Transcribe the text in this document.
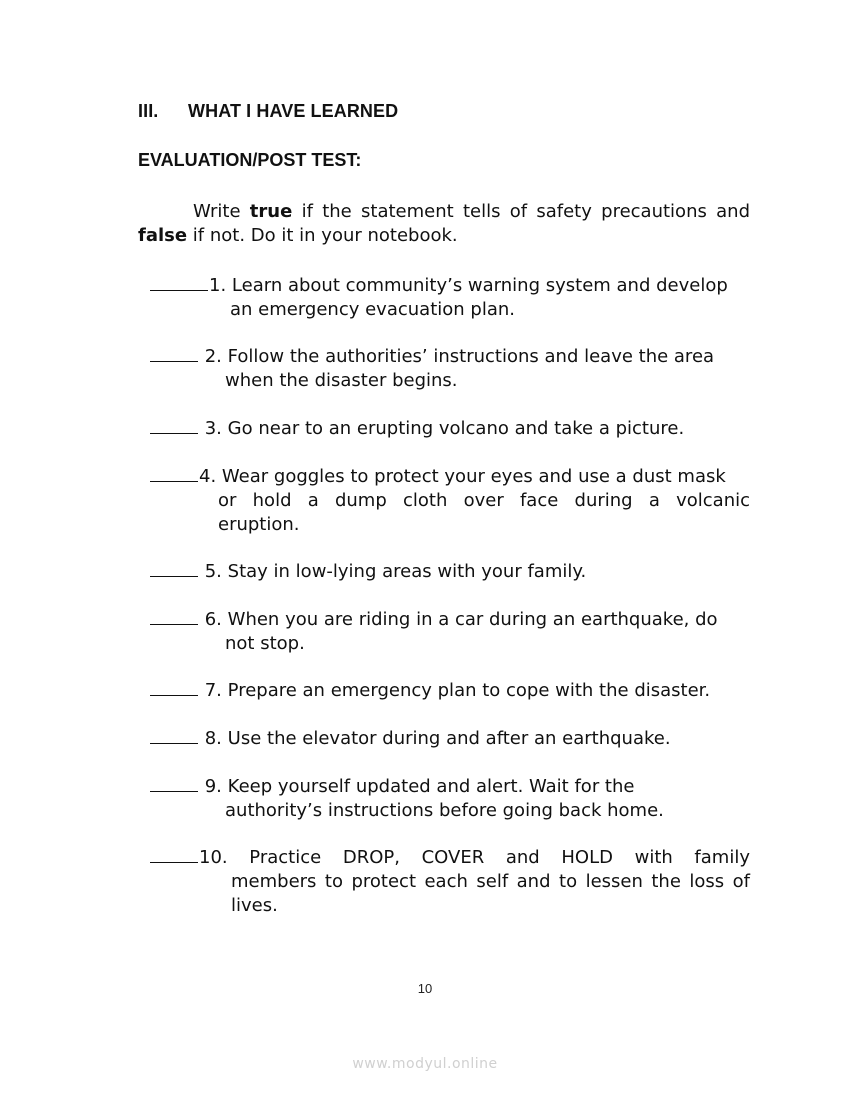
III. WHAT I HAVE LEARNED
EVALUATION/POST TEST:
Write true if the statement tells of safety precautions and false if not. Do it in your notebook.
1. Learn about community’s warning system and develop
an emergency evacuation plan.
2. Follow the authorities’ instructions and leave the area
when the disaster begins.
3. Go near to an erupting volcano and take a picture.
4. Wear goggles to protect your eyes and use a dust mask
or hold a dump cloth over face during a volcanic
eruption.
5. Stay in low-lying areas with your family.
6. When you are riding in a car during an earthquake, do
not stop.
7. Prepare an emergency plan to cope with the disaster.
8. Use the elevator during and after an earthquake.
9. Keep yourself updated and alert. Wait for the
authority’s instructions before going back home.
10. Practice DROP, COVER and HOLD with family
members to protect each self and to lessen the loss of
lives.
10
www.modyul.online
